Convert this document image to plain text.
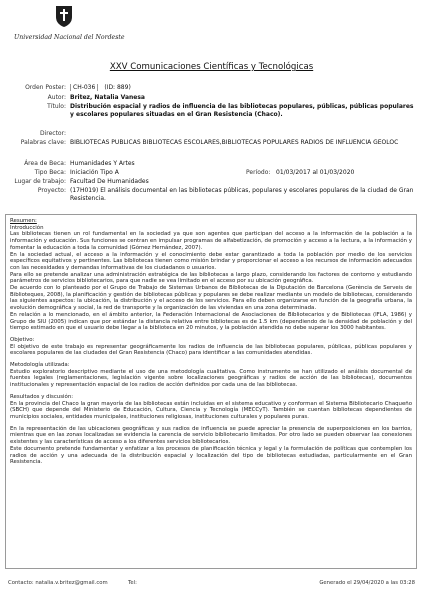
Universidad Nacional del Nordeste
XXV Comunicaciones Científicas y Tecnológicas
Orden Poster:	CH-036 (ID: 889)
Autor: Britez, Natalia Vanesa
Título: Distribución espacial y radios de influencia de las bibliotecas populares, públicas, públicas populares y escolares populares situadas en el Gran Resistencia (Chaco).
Director:
Palabras clave: BIBLIOTECAS PÚBLICAS BIBLIOTECAS ESCOLARES,BIBLIOTECAS POPULARES RADIOS DE INFLUENCIA GEOLOC
Área de Beca: Humanidades Y Artes
Tipo Beca: Iniciación Tipo A	Período: 01/03/2017 al 01/03/2020
Lugar de trabajo: Facultad De Humanidades
Proyecto: (17H019) El análisis documental en las bibliotecas públicas, populares y escolares populares de la ciudad de Gran Resistencia.

Resumen:

Introducción

Las bibliotecas tienen un rol fundamental en la sociedad ya que son agentes que participan del acceso a la información de la población a la información y educación. Sus funciones se centran en impulsar programas de alfabetización, de promoción y acceso a la lectura, a la información y fomentar la educación a toda la comunidad (Gómez Hernández, 2007).

En la sociedad actual, el acceso a la información y el conocimiento debe estar garantizado a toda la población por medio de los servicios específicos equitativos y pertinentes. Las bibliotecas tienen como misión brindar y proporcionar el acceso a los recursos de información adecuados con las necesidades y demandas informativas de los ciudadanos o usuarios.

Para ello se pretende analizar una administración estratégica de las bibliotecas a largo plazo, considerando los factores de contorno y estudiando parámetros de servicios bibliotecarios, para que nadie se vea limitado en el acceso por su ubicación geográfica.

De acuerdo con lo planteado por el Grupo de Trabajo de Sistemas Urbanos de Bibliotecas de la Diputación de Barcelona (Gerència de Serveis de Biblioteques, 2008), la planificación y gestión de bibliotecas públicas y populares se debe realizar mediante un modelo de bibliotecas, considerando las siguientes aspectos: la ubicación, la distribución y el acceso de los servicios. Para ello deben organizarse en función de la geografía urbana, la evolución demográfica y social, la red de transporte y la organización de las viviendas en una zona determinada.

En relación a lo mencionado, en el ámbito anterior, la Federación Internacional de Asociaciones de Bibliotecarios y de Bibliotecas (IFLA, 1986) y Grupo de SIU (2005) indican que por estándar la distancia relativa entre bibliotecas es de 1.5 km (dependiendo de la densidad de población y del tiempo estimado en que el usuario debe llegar a la biblioteca en 20 minutos, y la población atendida no debe superar los 3000 habitantes.

Objetivo:

El objetivo de este trabajo es representar geográficamente los radios de influencia de las bibliotecas populares, públicas, públicas populares y escolares populares de las ciudades del Gran Resistencia (Chaco) para identificar a las comunidades atendidas.

Metodología utilizada:

Estudio exploratorio descriptivo mediante el uso de una metodología cualitativa. Como instrumento se han utilizado el análisis documental de fuentes legales (reglamentaciones, legislación vigente sobre localizaciones geográficas y radios de acción de las bibliotecas), documentos institucionales y representación espacial de los radios de acción definidos por cada una de las bibliotecas.

Resultados y discusión:

En la provincia del Chaco la gran mayoría de las bibliotecas están incluidas en el sistema educativo y conforman el Sistema Bibliotecario Chaqueño (SBCH) que depende del Ministerio de Educación, Cultura, Ciencia y Tecnología (MECCyT). También se cuentan bibliotecas dependientes de municipios sociales, entidades municipales, instituciones religiosas, instituciones culturales y populares puras.

En la representación de las ubicaciones geográficas y sus radios de influencia se puede apreciar la presencia de superposiciones en los barrios, mientras que en las zonas localizadas se evidencia la carencia de servicio bibliotecario limitados. Por otro lado se pueden observar las conexiones existentes y las características de acceso a los diferentes servicios bibliotecarios.

Este documento pretende fundamentar y enfatizar a los procesos de planificación técnica y legal y la formulación de políticas que contemplen los radios de acción y una adecuada de la distribución espacial y localización del tipo de bibliotecas estudiadas, particularmente en el Gran Resistencia.

Contacto: natalia.v.britez@gmail.com	Tel:	Generado el 29/04/2020 a las 03:28
